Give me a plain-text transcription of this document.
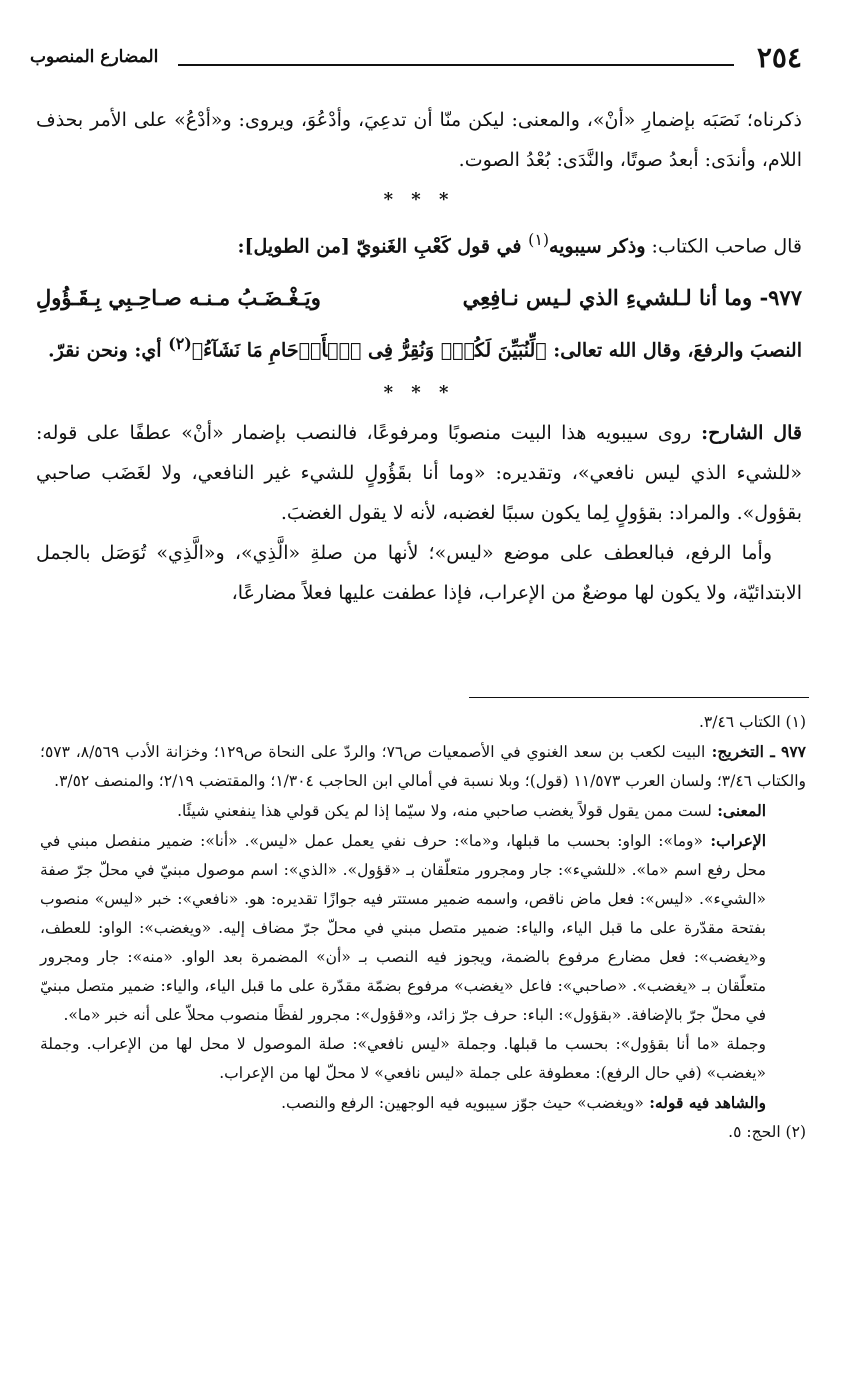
٢٥٤
المضارع المنصوب

ذكرناه؛ نَصَبَه بإضمارِ «أنْ»، والمعنى: ليكن منّا أن تدعِيَ، وأدْعُوَ، ويروى: و«أدْعُ» على الأمر بحذف اللام، وأندَى: أبعدُ صوتًا، والنَّدَى: بُعْدُ الصوت.

* * *

قال صاحب الكتاب: وذكر سيبويه$^{(١)}$ في قول كَعْبِ الغَنويّ [من الطويل]:

٩٧٧- وما أنا لـلشيءِ الذي لـيس نـافِعِي
ويَـغْـضَـبُ مـنـه صـاحِـبِي بِـقَـؤُولِ

النصبَ والرفعَ، وقال الله تعالى: ﴿لِّنُبَيِّنَ لَكُمْۚ وَنُقِرُّ فِى ٱلۡأَرۡحَامِ مَا نَشَآءُ﴾$^{(٢)}$ أي: ونحن نقرّ.

* * *

قال الشارح: روى سيبويه هذا البيت منصوبًا ومرفوعًا، فالنصب بإضمار «أنْ» عطفًا على قوله: «للشيء الذي ليس نافعي»، وتقديره: «وما أنا بقَؤُولٍ للشيء غير النافعي، ولا لغَضَب صاحبي بقؤول». والمراد: بقؤولٍ لِما يكون سببًا لغضبه، لأنه لا يقول الغضبَ.

وأما الرفع، فبالعطف على موضع «ليس»؛ لأنها من صلةِ «الَّذِي»، و«الَّذِي» تُوَصَل بالجمل الابتدائيّة، ولا يكون لها موضعٌ من الإعراب، فإذا عطفت عليها فعلاً مضارعًا،

(١) الكتاب ٣/٤٦.

٩٧٧ ـ التخريج: البيت لكعب بن سعد الغنوي في الأصمعيات ص٧٦؛ والردّ على النحاة ص١٢٩؛ وخزانة الأدب ٨/٥٦٩، ٥٧٣؛ والكتاب ٣/٤٦؛ ولسان العرب ١١/٥٧٣ (قول)؛ وبلا نسبة في أمالي ابن الحاجب ١/٣٠٤؛ والمقتضب ٢/١٩؛ والمنصف ٣/٥٢.

المعنى: لست ممن يقول قولاً يغضب صاحبي منه، ولا سيّما إذا لم يكن قولي هذا ينفعني شيئًا.

الإعراب: «وما»: الواو: بحسب ما قبلها، و«ما»: حرف نفي يعمل عمل «ليس». «أنا»: ضمير منفصل مبني في محل رفع اسم «ما». «للشيء»: جار ومجرور متعلّقان بـ «قؤول». «الذي»: اسم موصول مبنيّ في محلّ جرّ صفة «الشيء». «ليس»: فعل ماض ناقص، واسمه ضمير مستتر فيه جوازًا تقديره: هو. «نافعي»: خبر «ليس» منصوب بفتحة مقدّرة على ما قبل الياء، والياء: ضمير متصل مبني في محلّ جرّ مضاف إليه. «ويغضب»: الواو: للعطف، و«يغضب»: فعل مضارع مرفوع بالضمة، ويجوز فيه النصب بـ «أن» المضمرة بعد الواو. «منه»: جار ومجرور متعلّقان بـ «يغضب». «صاحبي»: فاعل «يغضب» مرفوع بضمّة مقدّرة على ما قبل الياء، والياء: ضمير متصل مبنيّ في محلّ جرّ بالإضافة. «بقؤول»: الباء: حرف جرّ زائد، و«قؤول»: مجرور لفظًا منصوب محلاّ على أنه خبر «ما».

وجملة «ما أنا بقؤول»: بحسب ما قبلها. وجملة «ليس نافعي»: صلة الموصول لا محل لها من الإعراب. وجملة «يغضب» (في حال الرفع): معطوفة على جملة «ليس نافعي» لا محلّ لها من الإعراب.

والشاهد فيه قوله: «ويغضب» حيث جوّز سيبويه فيه الوجهين: الرفع والنصب.

(٢) الحج: ٥.
